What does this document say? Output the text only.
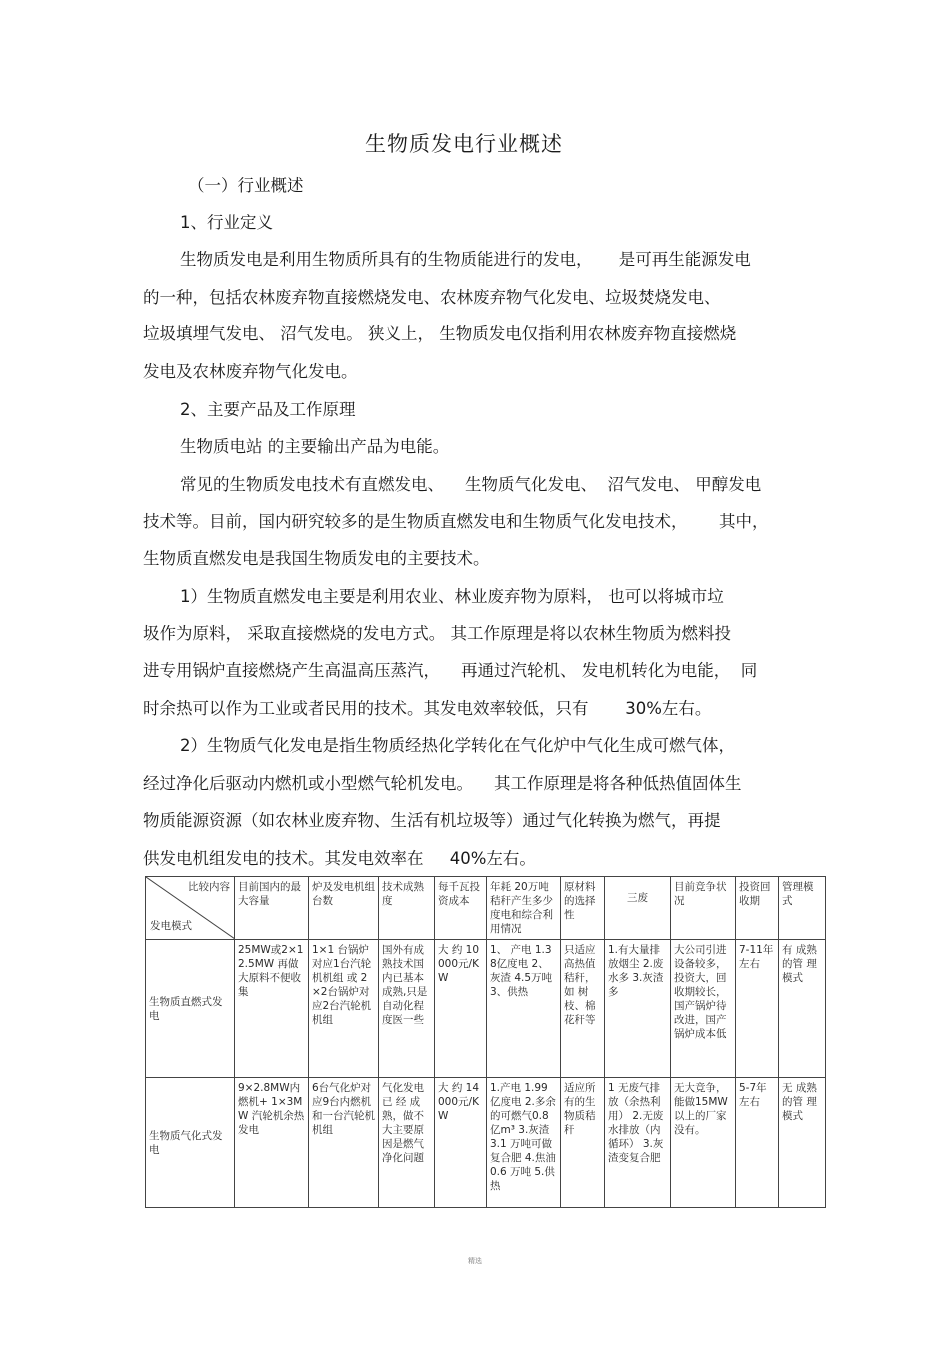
生物质发电行业概述
（一）行业概述
1、行业定义
生物质发电是利用生物质所具有的生物质能进行的发电，     是可再生能源发电
的一种，包括农林废弃物直接燃烧发电、农林废弃物气化发电、垃圾焚烧发电、
垃圾填埋气发电、 沼气发电。 狭义上， 生物质发电仅指利用农林废弃物直接燃烧
发电及农林废弃物气化发电。
2、主要产品及工作原理
生物质电站 的主要输出产品为电能。
常见的生物质发电技术有直燃发电、    生物质气化发电、  沼气发电、 甲醇发电
技术等。目前，国内研究较多的是生物质直燃发电和生物质气化发电技术，      其中，
生物质直燃发电是我国生物质发电的主要技术。
1）生物质直燃发电主要是利用农业、林业废弃物为原料， 也可以将城市垃
圾作为原料， 采取直接燃烧的发电方式。 其工作原理是将以农林生物质为燃料投
进专用锅炉直接燃烧产生高温高压蒸汽，    再通过汽轮机、 发电机转化为电能，  同
时余热可以作为工业或者民用的技术。其发电效率较低，只有       30%左右。
2）生物质气化发电是指生物质经热化学转化在气化炉中气化生成可燃气体，
经过净化后驱动内燃机或小型燃气轮机发电。    其工作原理是将各种低热值固体生
物质能源资源（如农林业废弃物、生活有机垃圾等）通过气化转换为燃气，再提
供发电机组发电的技术。其发电效率在     40%左右。
比较内容
发电模式	目前国内的最大容量	炉及发电机组台数	技术成熟度	每千瓦投资成本	年耗 20万吨秸秆产生多少度电和综合利用情况	原材料的选择性	三废	目前竞争状况	投资回收期	管理模式
生物质直燃式发电	25MW或2×12.5MW 再做大原料不便收集	1×1 台锅炉对应1台汽轮机机组 或 2×2台锅炉对应2台汽轮机 机组	国外有成熟技术国内已基本成熟,只是自动化程度医一些	大 约 10000元/KW	1、 产电 1.38亿度电 2、灰渣 4.5万吨 3、供热	只适应高热值秸秆，如 树枝、棉花秆等	1.有大量排放烟尘 2.废水多 3.灰渣多	大公司引进设备较多，投资大，回收期较长，国产锅炉待改进，国产锅炉成本低	7-11年 左右	有 成熟 的管 理模式
生物质气化式发电	9×2.8MW内燃机+ 1×3MW 汽轮机余热发电	6台气化炉对应9台内燃机和一台汽轮机机组	气化发电 已 经 成熟，做不大主要原因是燃气净化问题	大 约 14000元/KW	1.产电 1.99亿度电 2.多余的可燃气0.8亿m³ 3.灰渣 3.1 万吨可做复合肥 4.焦油 0.6 万吨 5.供热	适应所有的生物质秸秆	1 无废气排放（余热利用） 2.无废水排放（内循环） 3.灰渣变复合肥	无大竞争，能做15MW以上的厂家没有。	5-7年左右	无 成熟 的管 理模式
精选
